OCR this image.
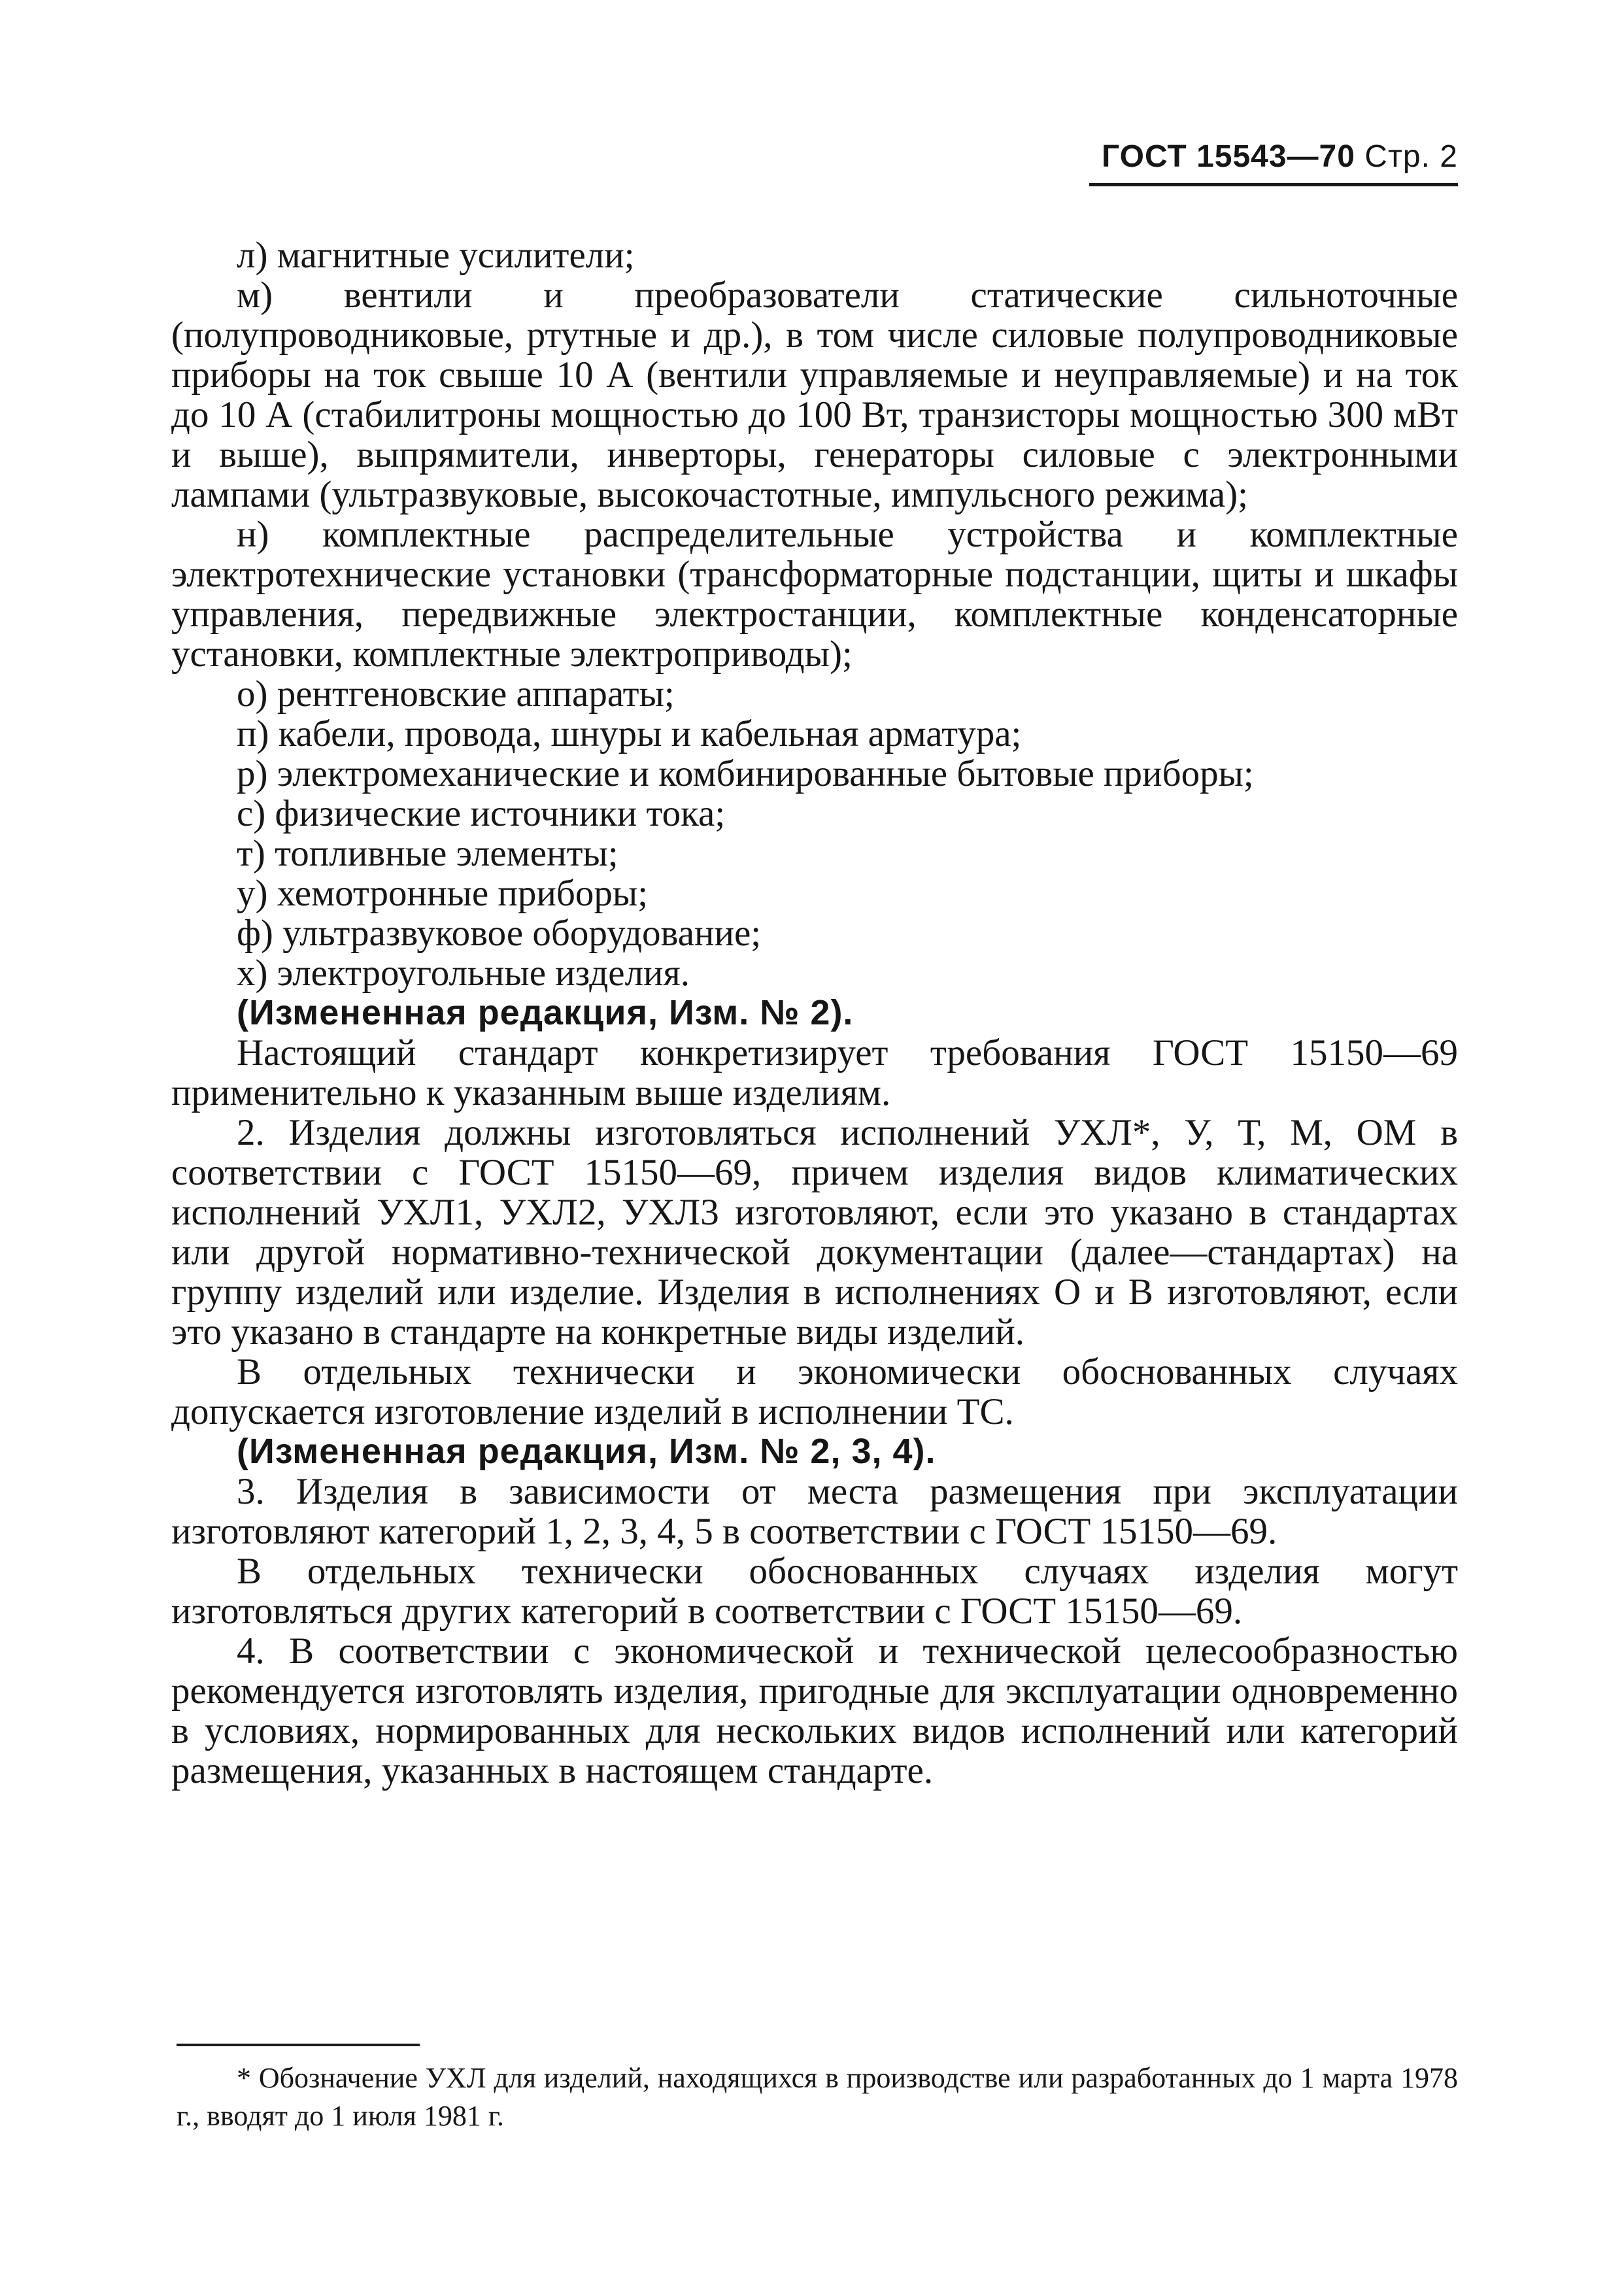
ГОСТ 15543—70 Стр. 2

л) магнитные усилители;

м) вентили и преобразователи статические сильноточные (полупроводниковые, ртутные и др.), в том числе силовые полупроводниковые приборы на ток свыше 10 А (вентили управляемые и неуправляемые) и на ток до 10 А (стабилитроны мощностью до 100 Вт, транзисторы мощностью 300 мВт и выше), выпрямители, инверторы, генераторы силовые с электронными лампами (ультразвуковые, высокочастотные, импульсного режима);

н) комплектные распределительные устройства и комплектные электротехнические установки (трансформаторные подстанции, щиты и шкафы управления, передвижные электростанции, комплектные конденсаторные установки, комплектные электроприводы);

о) рентгеновские аппараты;

п) кабели, провода, шнуры и кабельная арматура;

р) электромеханические и комбинированные бытовые приборы;

с) физические источники тока;

т) топливные элементы;

у) хемотронные приборы;

ф) ультразвуковое оборудование;

х) электроугольные изделия.

(Измененная редакция, Изм. № 2).

Настоящий стандарт конкретизирует требования ГОСТ 15150—69 применительно к указанным выше изделиям.

2. Изделия должны изготовляться исполнений УХЛ*, У, Т, М, ОМ в соответствии с ГОСТ 15150—69, причем изделия видов климатических исполнений УХЛ1, УХЛ2, УХЛ3 изготовляют, если это указано в стандартах или другой нормативно-технической документации (далее—стандартах) на группу изделий или изделие. Изделия в исполнениях О и В изготовляют, если это указано в стандарте на конкретные виды изделий.

В отдельных технически и экономически обоснованных случаях допускается изготовление изделий в исполнении ТС.

(Измененная редакция, Изм. № 2, 3, 4).

3. Изделия в зависимости от места размещения при эксплуатации изготовляют категорий 1, 2, 3, 4, 5 в соответствии с ГОСТ 15150—69.

В отдельных технически обоснованных случаях изделия могут изготовляться других категорий в соответствии с ГОСТ 15150—69.

4. В соответствии с экономической и технической целесообразностью рекомендуется изготовлять изделия, пригодные для эксплуатации одновременно в условиях, нормированных для нескольких видов исполнений или категорий размещения, указанных в настоящем стандарте.

* Обозначение УХЛ для изделий, находящихся в производстве или разработанных до 1 марта 1978 г., вводят до 1 июля 1981 г.
